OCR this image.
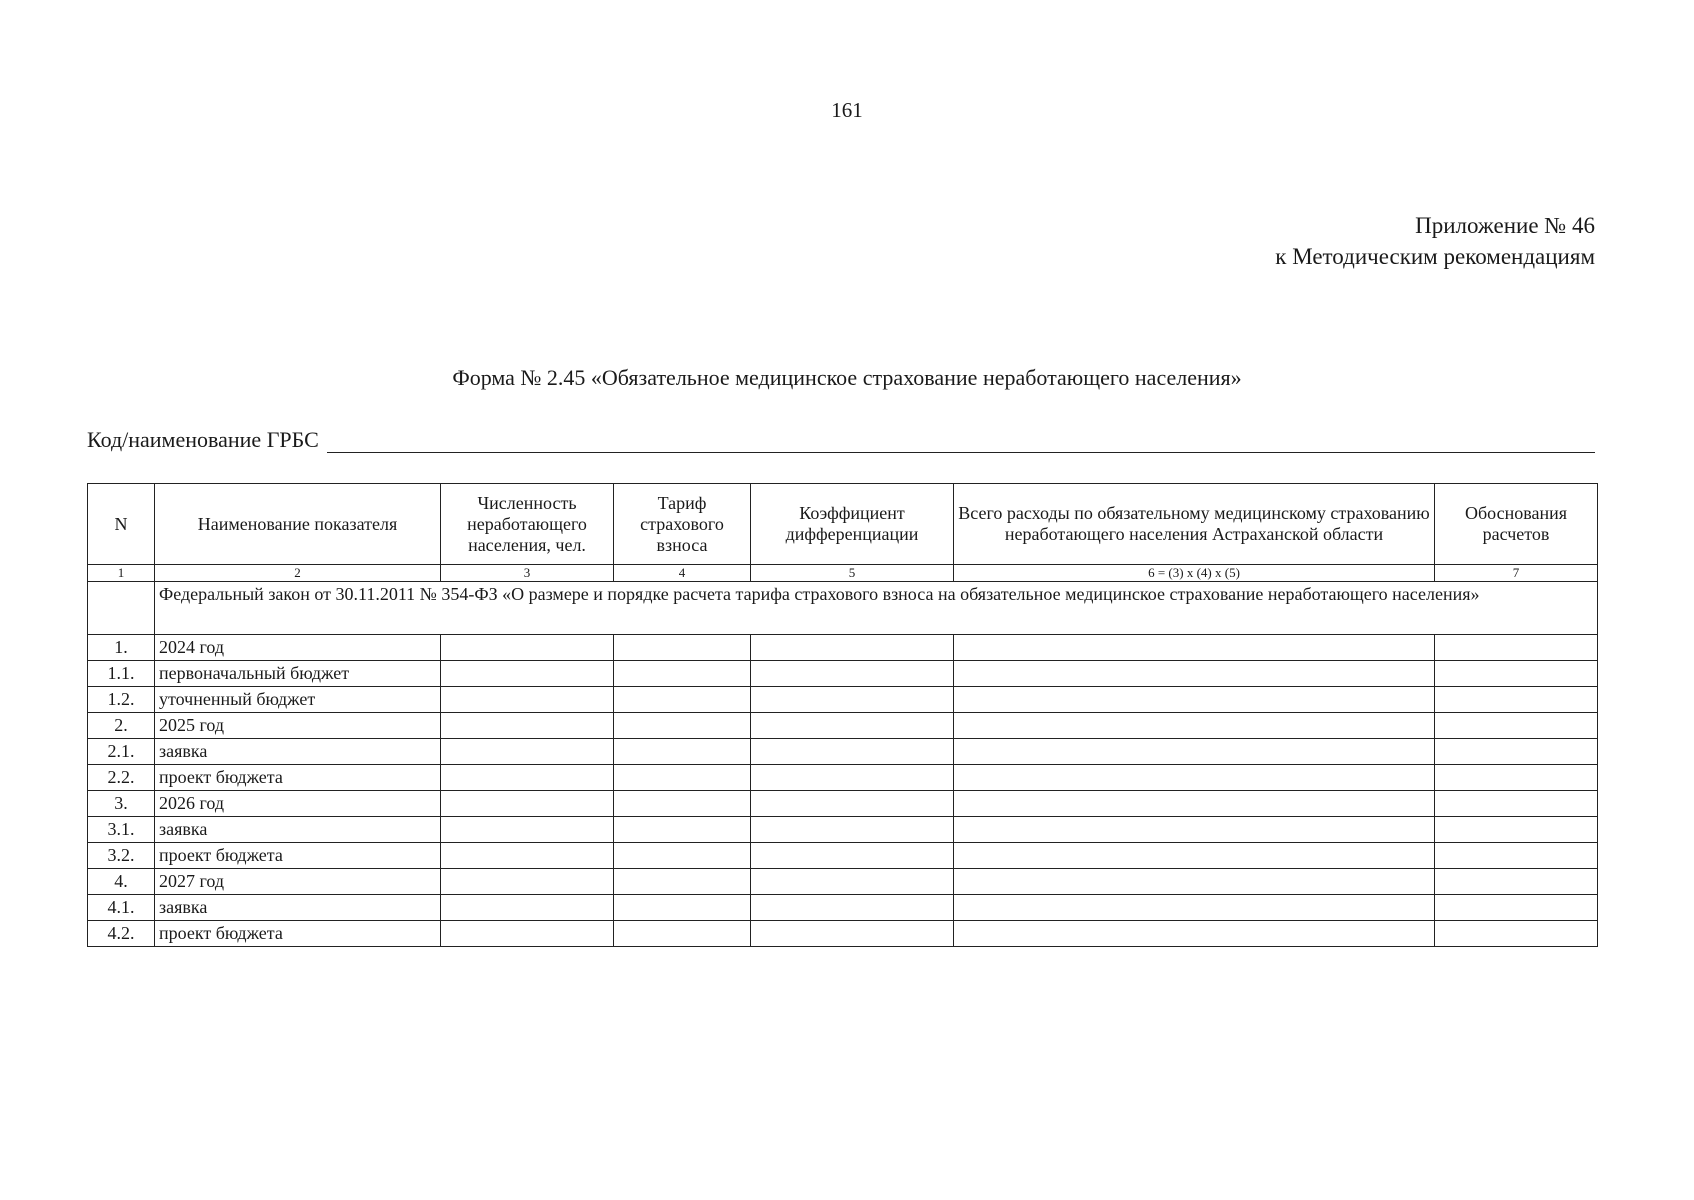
161
Приложение № 46
к Методическим рекомендациям
Форма № 2.45 «Обязательное медицинское страхование неработающего населения»
Код/наименование ГРБС
N	Наименование показателя	Численность неработающего населения, чел.	Тариф страхового взноса	Коэффициент дифференциации	Всего расходы по обязательному медицинскому страхованию неработающего населения Астраханской области	Обоснования расчетов
1	2	3	4	5	6 = (3) x (4) x (5)	7
	Федеральный закон от 30.11.2011 № 354-ФЗ «О размере и порядке расчета тарифа страхового взноса на обязательное медицинское страхование неработающего населения»					
1.	2024 год					
1.1.	первоначальный бюджет					
1.2.	уточненный бюджет					
2.	2025 год					
2.1.	заявка					
2.2.	проект бюджета					
3.	2026 год					
3.1.	заявка					
3.2.	проект бюджета					
4.	2027 год					
4.1.	заявка					
4.2.	проект бюджета					
